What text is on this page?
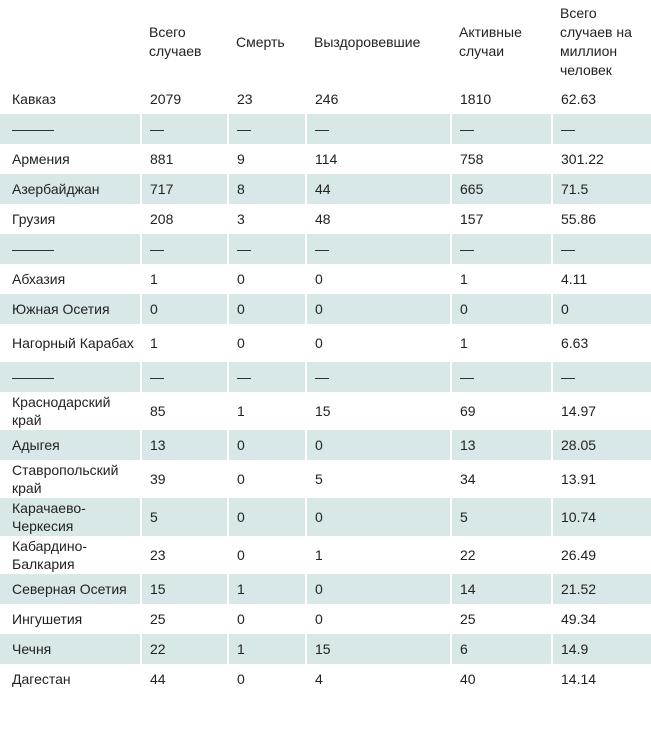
	Всего случаев	Смерть	Выздоровевшие	Активные случаи	Всего случаев на миллион человек
Кавказ	2079	23	246	1810	62.63
———	—	—	—	—	—
Армения	881	9	114	758	301.22
Азербайджан	717	8	44	665	71.5
Грузия	208	3	48	157	55.86
———	—	—	—	—	—
Абхазия	1	0	0	1	4.11
Южная Осетия	0	0	0	0	0
Нагорный Карабах	1	0	0	1	6.63
———	—	—	—	—	—
Краснодарский край	85	1	15	69	14.97
Адыгея	13	0	0	13	28.05
Ставропольский край	39	0	5	34	13.91
Карачаево-Черкесия	5	0	0	5	10.74
Кабардино-Балкария	23	0	1	22	26.49
Северная Осетия	15	1	0	14	21.52
Ингушетия	25	0	0	25	49.34
Чечня	22	1	15	6	14.9
Дагестан	44	0	4	40	14.14
